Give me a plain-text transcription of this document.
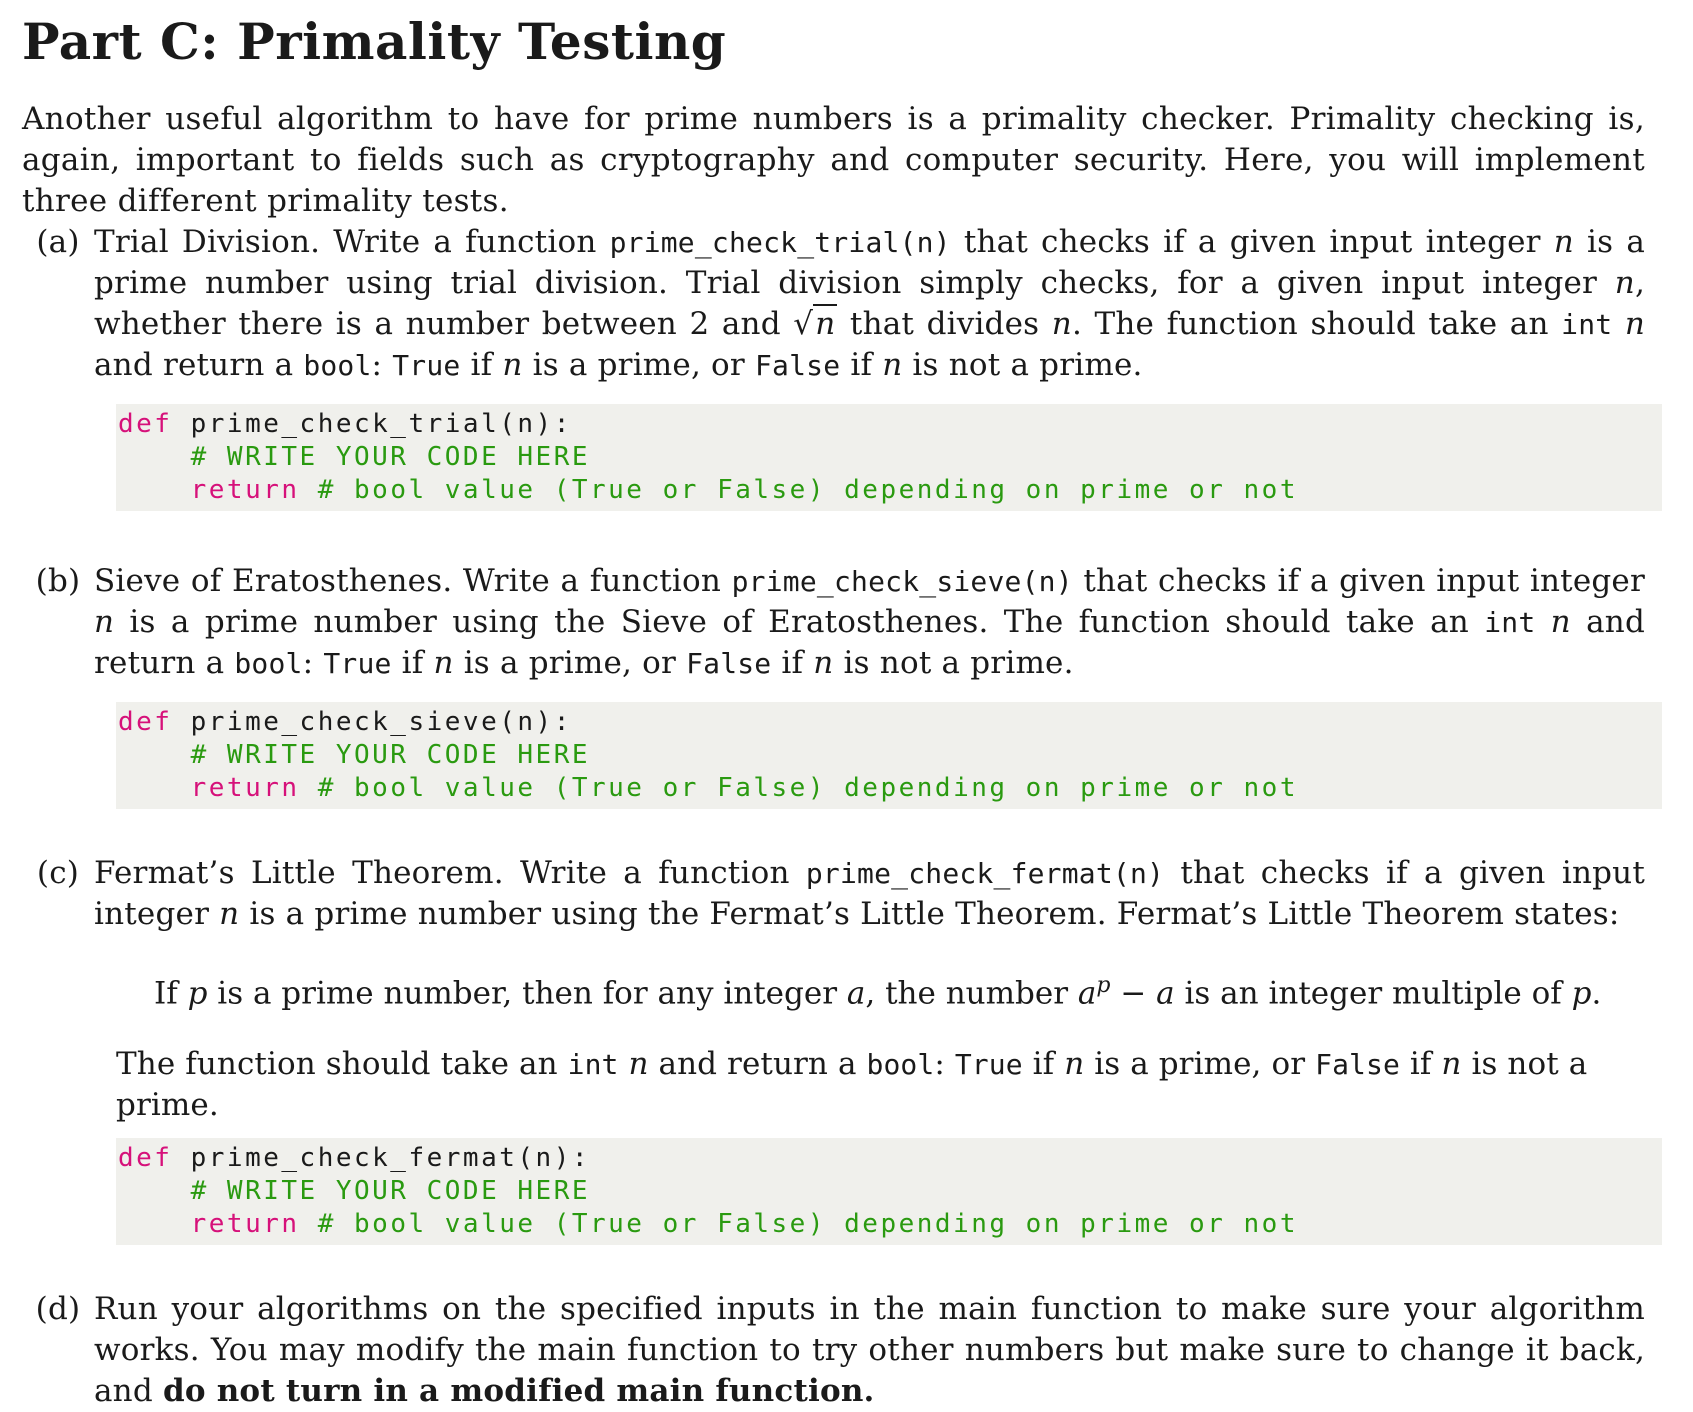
Part C: Primality Testing

Another useful algorithm to have for prime numbers is a primality checker. Primality checking is, again, important to fields such as cryptography and computer security. Here, you will implement three different primality tests.

(a) Trial Division. Write a function prime_check_trial(n) that checks if a given input integer n is a prime number using trial division. Trial division simply checks, for a given input integer n, whether there is a number between 2 and √n that divides n. The function should take an int n and return a bool: True if n is a prime, or False if n is not a prime.
def prime_check_trial(n):
# WRITE YOUR CODE HERE
return # bool value (True or False) depending on prime or not
(b) Sieve of Eratosthenes. Write a function prime_check_sieve(n) that checks if a given input integer n is a prime number using the Sieve of Eratosthenes. The function should take an int n and return a bool: True if n is a prime, or False if n is not a prime.
def prime_check_sieve(n):
# WRITE YOUR CODE HERE
return # bool value (True or False) depending on prime or not
(c) Fermat’s Little Theorem. Write a function prime_check_fermat(n) that checks if a given input integer n is a prime number using the Fermat’s Little Theorem. Fermat’s Little Theorem states:
If p is a prime number, then for any integer a, the number $a^p - a$ is an integer multiple of p.
The function should take an int n and return a bool: True if n is a prime, or False if n is not a prime.
def prime_check_fermat(n):
# WRITE YOUR CODE HERE
return # bool value (True or False) depending on prime or not
(d) Run your algorithms on the specified inputs in the main function to make sure your algorithm works. You may modify the main function to try other numbers but make sure to change it back, and do not turn in a modified main function.
